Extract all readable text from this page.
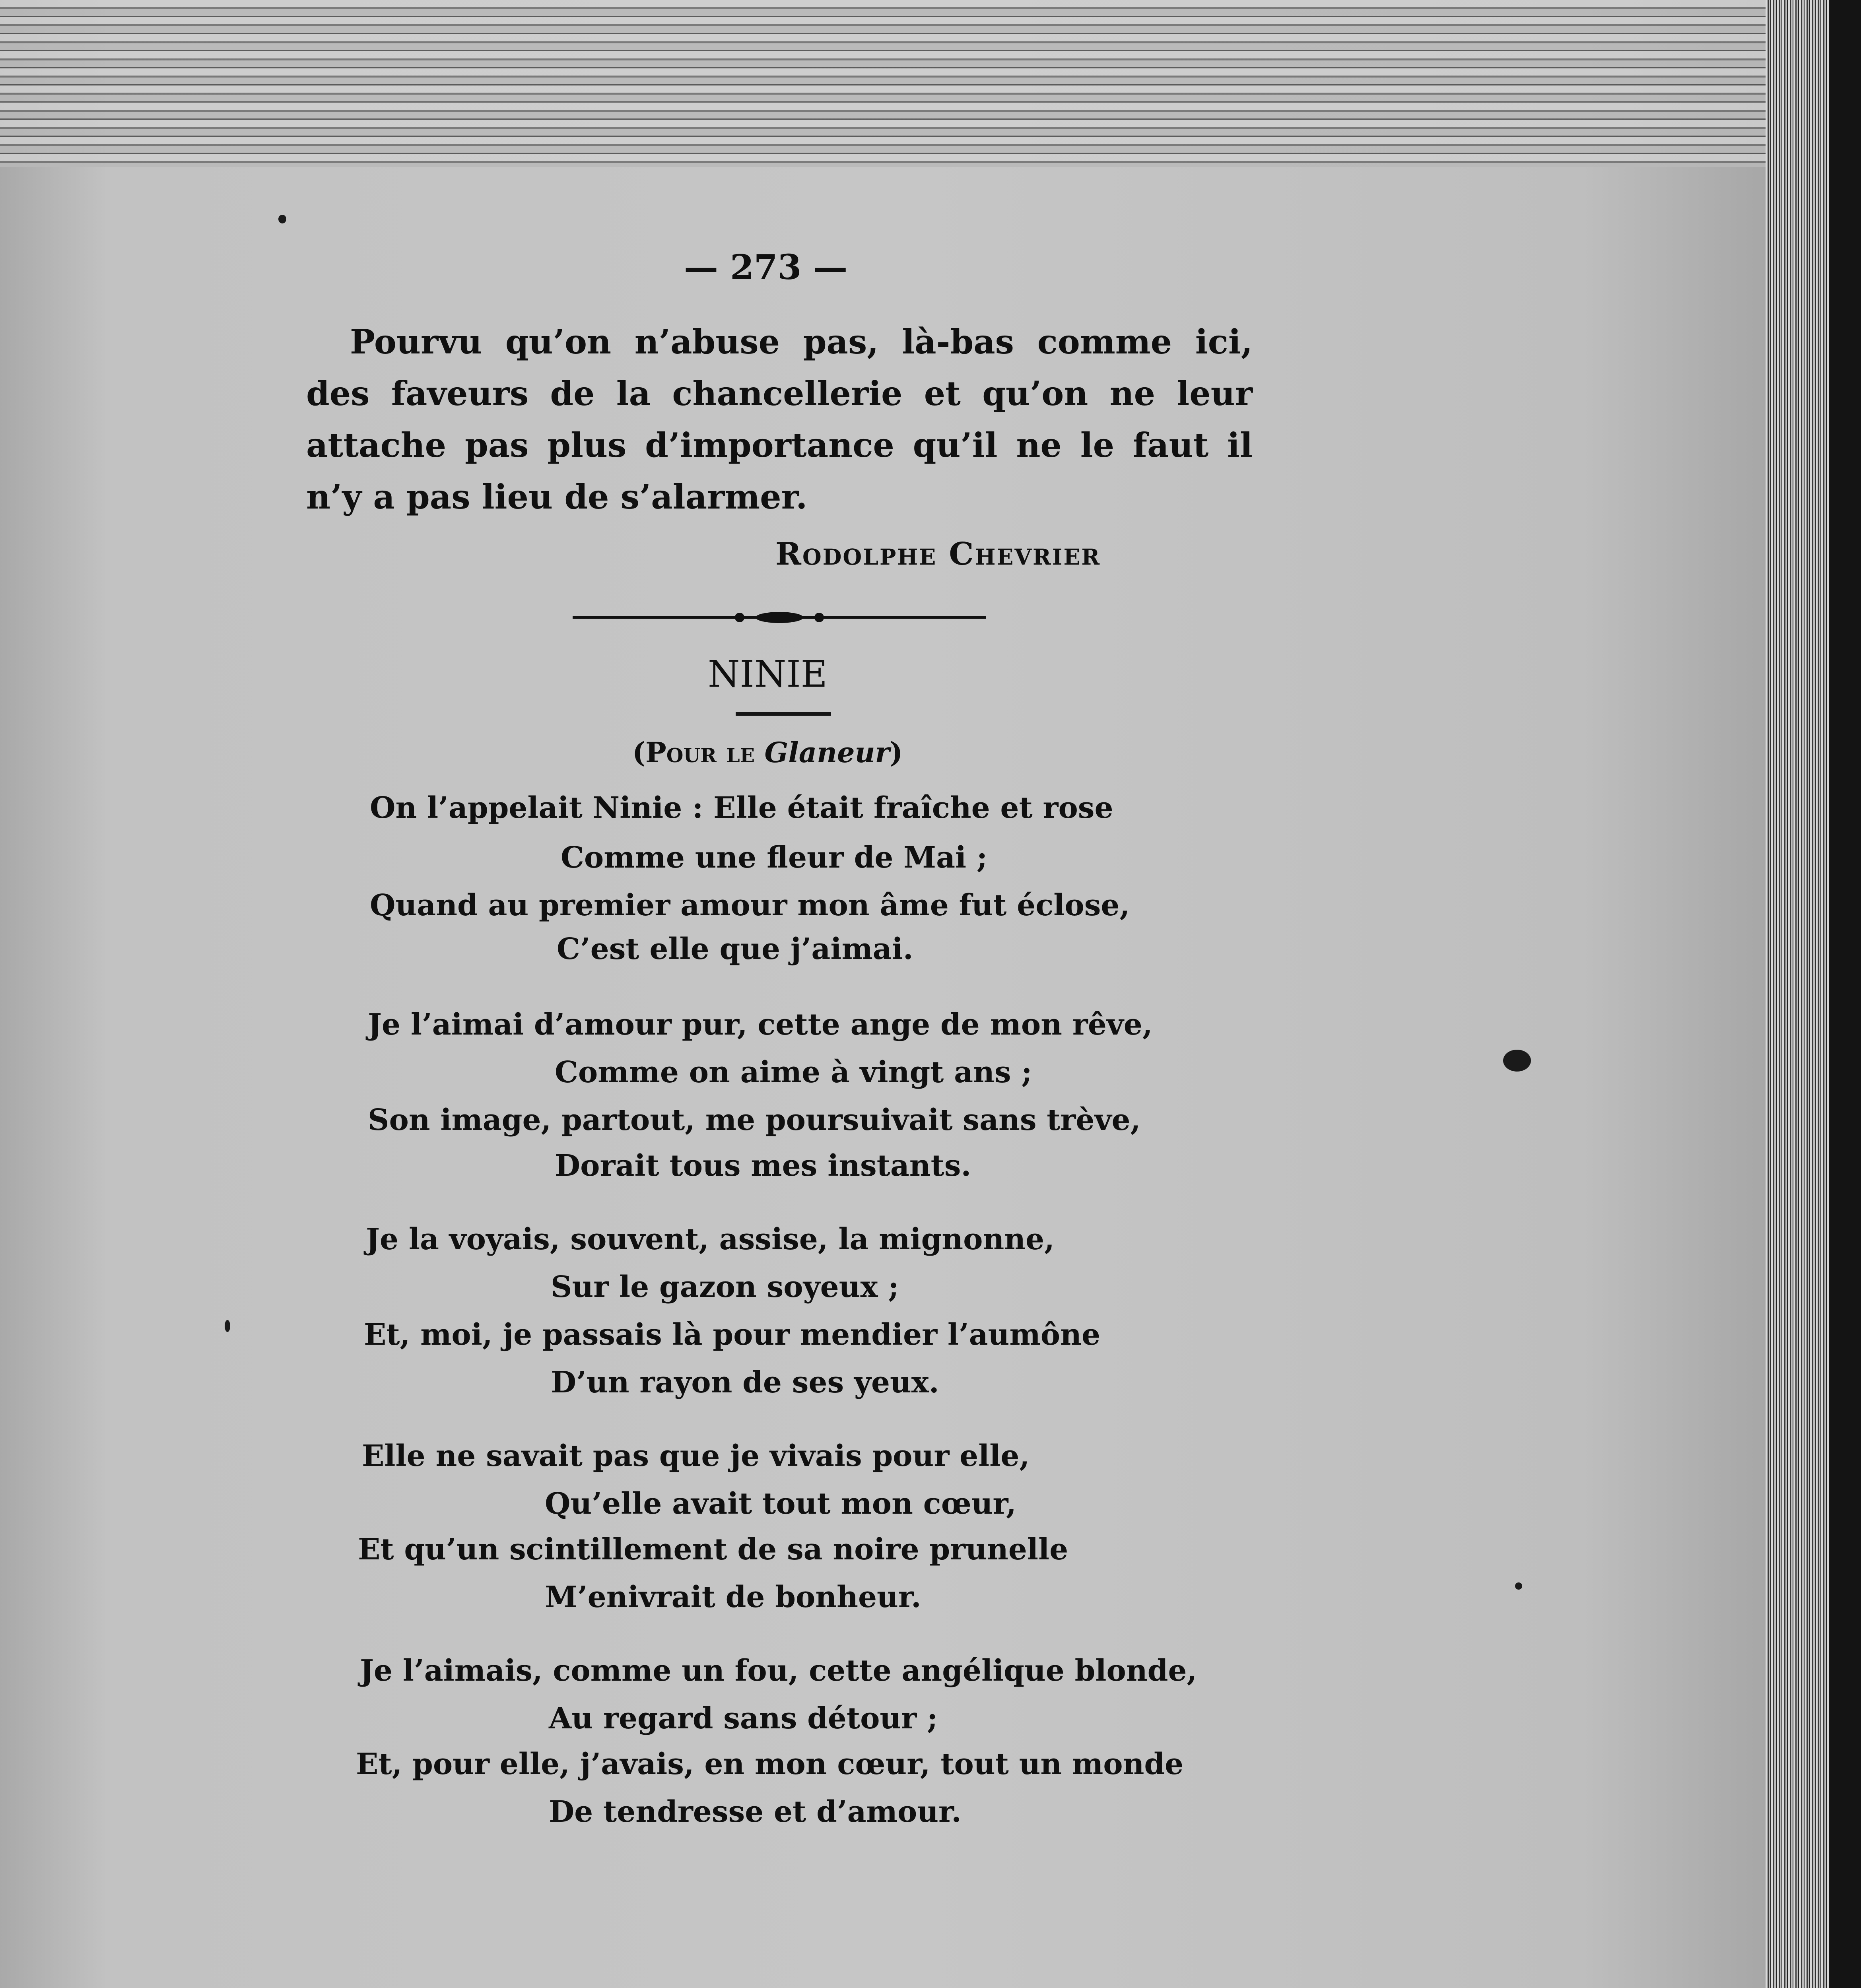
— 273 —
Pourvu qu’on n’abuse pas, là-bas comme ici,
des faveurs de la chancellerie et qu’on ne leur
attache pas plus d’importance qu’il ne le faut il
n’y a pas lieu de s’alarmer.
Rodolphe Chevrier
NINIE
(Pour le Glaneur)
On l’appelait Ninie : Elle était fraîche et rose
Comme une fleur de Mai ;
Quand au premier amour mon âme fut éclose,
C’est elle que j’aimai.
Je l’aimai d’amour pur, cette ange de mon rêve,
Comme on aime à vingt ans ;
Son image, partout, me poursuivait sans trève,
Dorait tous mes instants.
Je la voyais, souvent, assise, la mignonne,
Sur le gazon soyeux ;
Et, moi, je passais là pour mendier l’aumône
D’un rayon de ses yeux.
Elle ne savait pas que je vivais pour elle,
Qu’elle avait tout mon cœur,
Et qu’un scintillement de sa noire prunelle
M’enivrait de bonheur.
Je l’aimais, comme un fou, cette angélique blonde,
Au regard sans détour ;
Et, pour elle, j’avais, en mon cœur, tout un monde
De tendresse et d’amour.
